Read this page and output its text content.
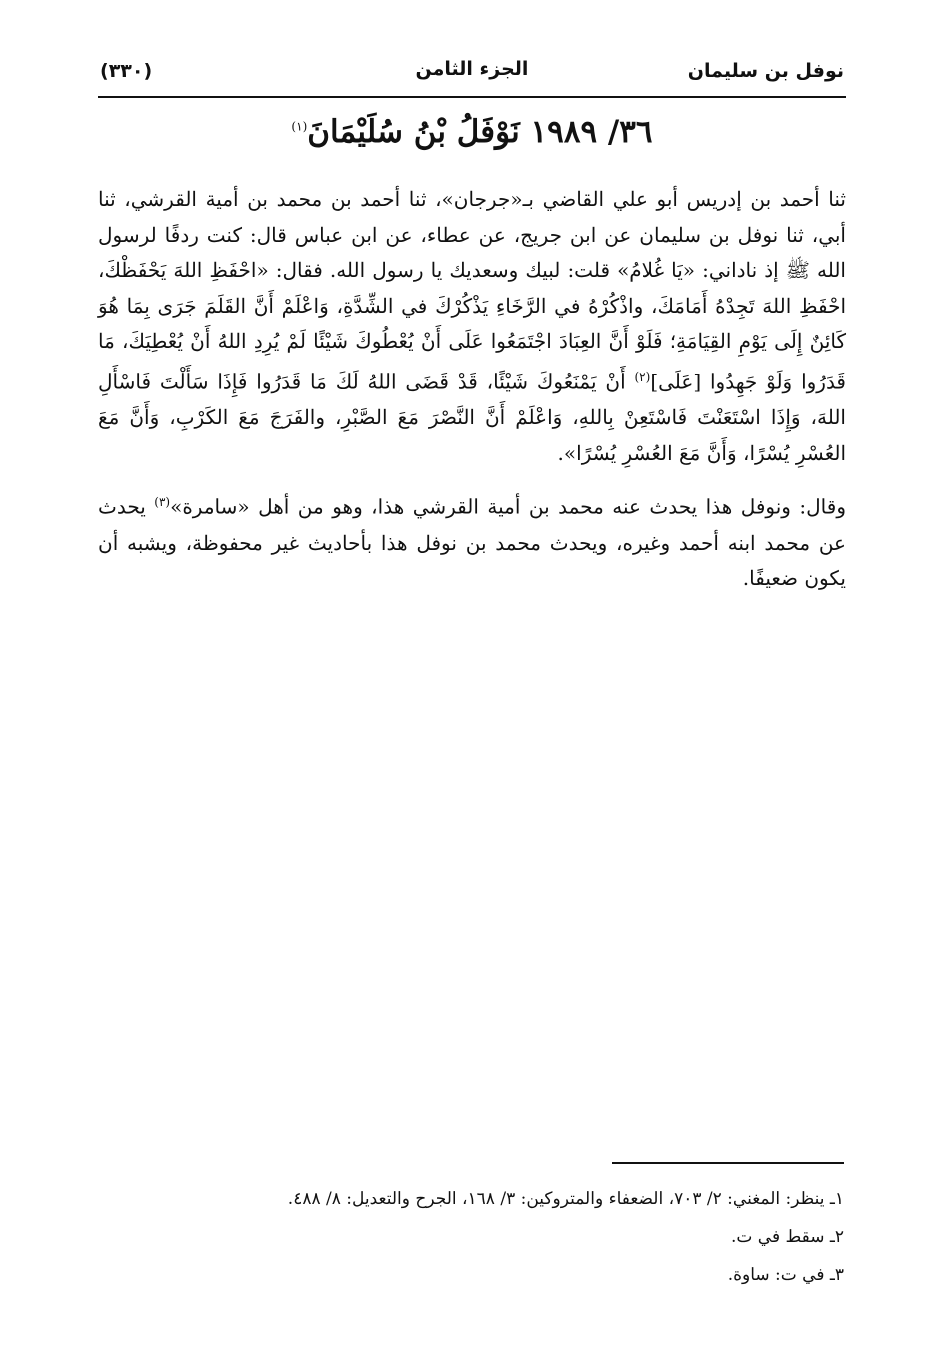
نوفل بن سليمان
الجزء الثامن
(٣٣٠)
٣٦/ ١٩٨٩ نَوْفَلُ بْنُ سُلَيْمَانَ$^{(١)}$

ثنا أحمد بن إدريس أبو علي القاضي بـ«جرجان»، ثنا أحمد بن محمد بن أمية القرشي، ثنا أبي، ثنا نوفل بن سليمان عن ابن جريج، عن عطاء، عن ابن عباس قال: كنت ردفًا لرسول الله ﷺ إذ ناداني: «يَا غُلامُ» قلت: لبيك وسعديك يا رسول الله. فقال: «احْفَظِ اللهَ يَحْفَظْكَ، احْفَظِ اللهَ تَجِدْهُ أَمَامَكَ، واذْكُرْهُ في الرَّخَاءِ يَذْكُرْكَ في الشِّدَّةِ، وَاعْلَمْ أَنَّ القَلَمَ جَرَى بِمَا هُوَ كَائِنٌ إِلَى يَوْمِ القِيَامَةِ؛ فَلَوْ أَنَّ العِبَادَ اجْتَمَعُوا عَلَى أَنْ يُعْطُوكَ شَيْئًا لَمْ يُرِدِ اللهُ أَنْ يُعْطِيَكَ، مَا قَدَرُوا وَلَوْ جَهِدُوا [عَلَى]$^{(٢)}$ أَنْ يَمْنَعُوكَ شَيْئًا، قَدْ قَضَى اللهُ لَكَ مَا قَدَرُوا فَإِذَا سَأَلْتَ فَاسْأَلِ اللهَ، وَإِذَا اسْتَعَنْتَ فَاسْتَعِنْ بِاللهِ، وَاعْلَمْ أَنَّ النَّصْرَ مَعَ الصَّبْرِ، والفَرَجَ مَعَ الكَرْبِ، وَأَنَّ مَعَ العُسْرِ يُسْرًا، وَأَنَّ مَعَ العُسْرِ يُسْرًا».

وقال: ونوفل هذا يحدث عنه محمد بن أمية القرشي هذا، وهو من أهل «سامرة»$^{(٣)}$ يحدث عن محمد ابنه أحمد وغيره، ويحدث محمد بن نوفل هذا بأحاديث غير محفوظة، ويشبه أن يكون ضعيفًا.

١ـ ينظر: المغني: ٢/ ٧٠٣، الضعفاء والمتروكين: ٣/ ١٦٨، الجرح والتعديل: ٨/ ٤٨٨.
٢ـ سقط في ت.
٣ـ في ت: ساوة.
